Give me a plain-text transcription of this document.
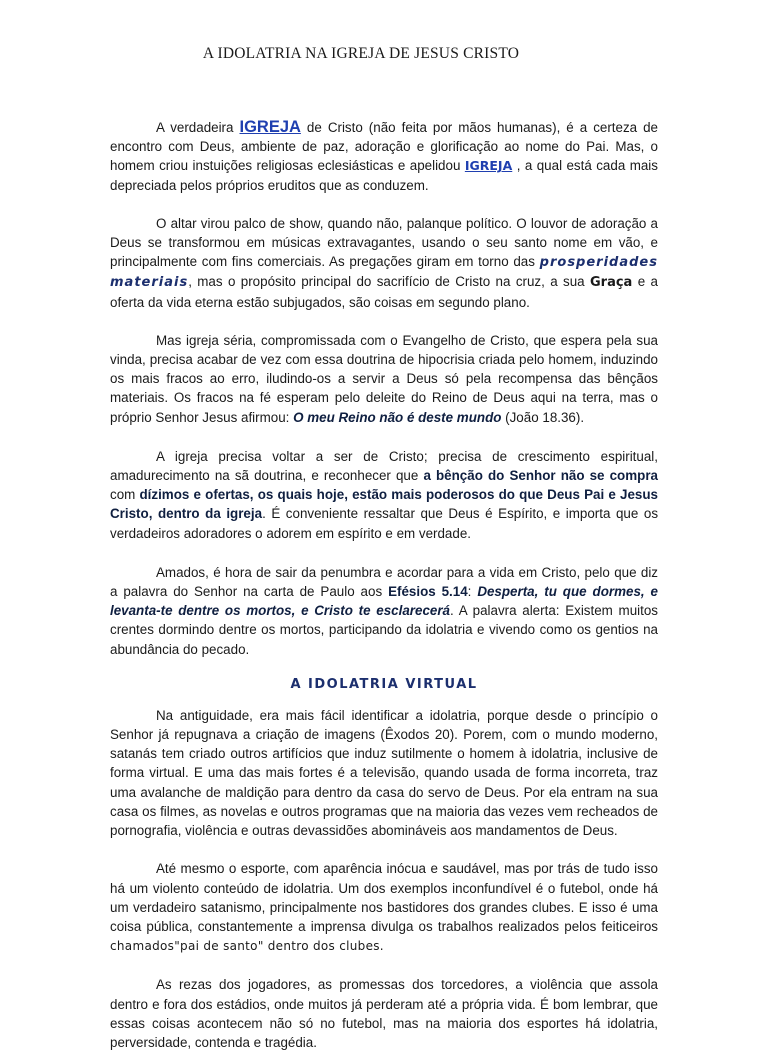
A IDOLATRIA NA IGREJA DE JESUS CRISTO

A verdadeira IGREJA de Cristo (não feita por mãos humanas), é a certeza de encontro com Deus, ambiente de paz, adoração e glorificação ao nome do Pai. Mas, o homem criou instuições religiosas eclesiásticas e apelidou IGREJA , a qual está cada mais depreciada pelos próprios eruditos que as conduzem.

O altar virou palco de show, quando não, palanque político. O louvor de adoração a Deus se transformou em músicas extravagantes, usando o seu santo nome em vão, e principalmente com fins comerciais. As pregações giram em torno das prosperidades materiais, mas o propósito principal do sacrifício de Cristo na cruz, a sua Graça e a oferta da vida eterna estão subjugados, são coisas em segundo plano.

Mas igreja séria, compromissada com o Evangelho de Cristo, que espera pela sua vinda, precisa acabar de vez com essa doutrina de hipocrisia criada pelo homem, induzindo os mais fracos ao erro, iludindo-os a servir a Deus só pela recompensa das bênçãos materiais. Os fracos na fé esperam pelo deleite do Reino de Deus aqui na terra, mas o próprio Senhor Jesus afirmou: O meu Reino não é deste mundo (João 18.36).

A igreja precisa voltar a ser de Cristo; precisa de crescimento espiritual, amadurecimento na sã doutrina, e reconhecer que a bênção do Senhor não se compra com dízimos e ofertas, os quais hoje, estão mais poderosos do que Deus Pai e Jesus Cristo, dentro da igreja. É conveniente ressaltar que Deus é Espírito, e importa que os verdadeiros adoradores o adorem em espírito e em verdade.

Amados, é hora de sair da penumbra e acordar para a vida em Cristo, pelo que diz a palavra do Senhor na carta de Paulo aos Efésios 5.14: Desperta, tu que dormes, e levanta-te dentre os mortos, e Cristo te esclarecerá. A palavra alerta: Existem muitos crentes dormindo dentre os mortos, participando da idolatria e vivendo como os gentios na abundância do pecado.

A IDOLATRIA VIRTUAL

Na antiguidade, era mais fácil identificar a idolatria, porque desde o princípio o Senhor já repugnava a criação de imagens (Êxodos 20). Porem, com o mundo moderno, satanás tem criado outros artifícios que induz sutilmente o homem à idolatria, inclusive de forma virtual. E uma das mais fortes é a televisão, quando usada de forma incorreta, traz uma avalanche de maldição para dentro da casa do servo de Deus. Por ela entram na sua casa os filmes, as novelas e outros programas que na maioria das vezes vem recheados de pornografia, violência e outras devassidões abomináveis aos mandamentos de Deus.

Até mesmo o esporte, com aparência inócua e saudável, mas por trás de tudo isso há um violento conteúdo de idolatria. Um dos exemplos inconfundível é o futebol, onde há um verdadeiro satanismo, principalmente nos bastidores dos grandes clubes. E isso é uma coisa pública, constantemente a imprensa divulga os trabalhos realizados pelos feiticeiros chamados"pai de santo" dentro dos clubes.

As rezas dos jogadores, as promessas dos torcedores, a violência que assola dentro e fora dos estádios, onde muitos já perderam até a própria vida. É bom lembrar, que essas coisas acontecem não só no futebol, mas na maioria dos esportes há idolatria, perversidade, contenda e tragédia.
